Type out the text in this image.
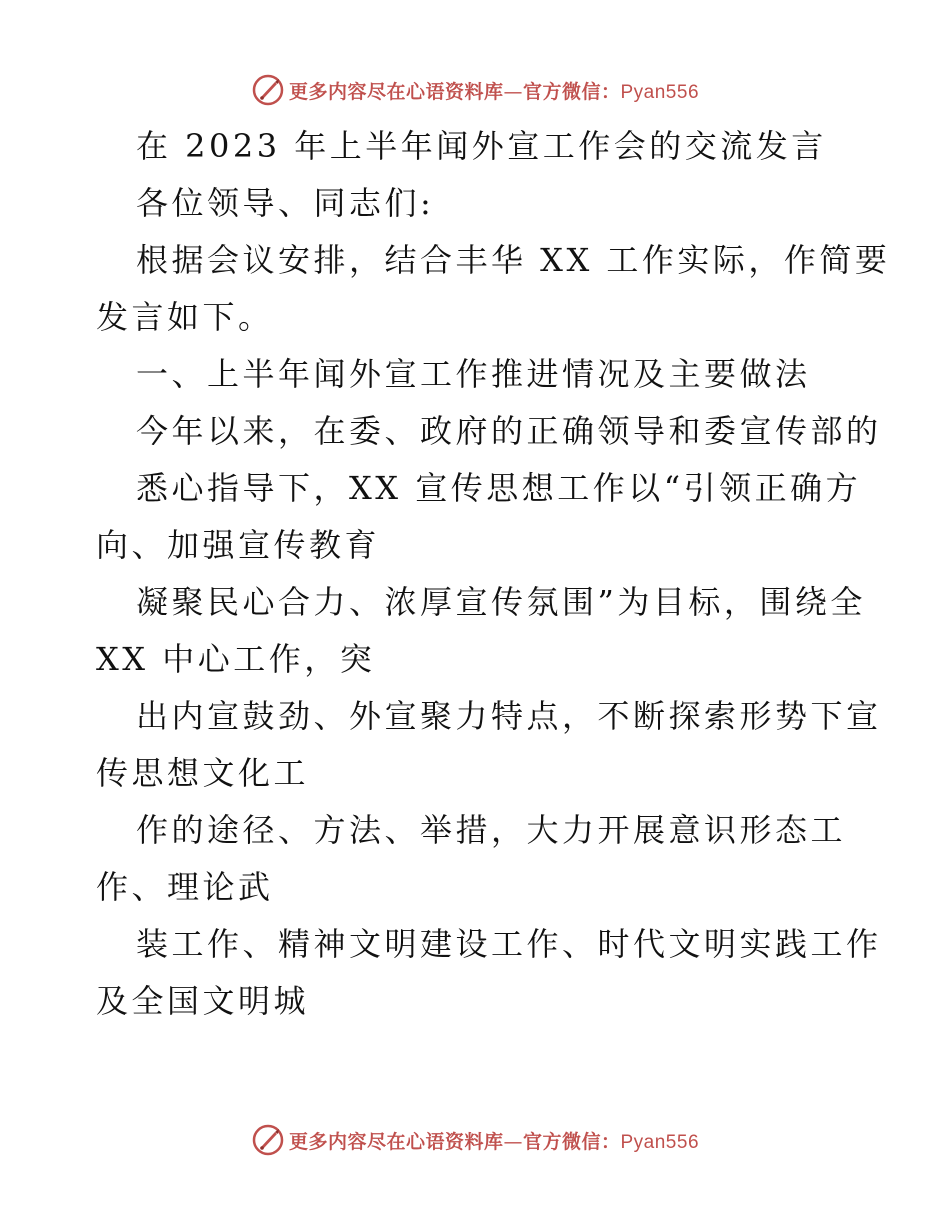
更多内容尽在心语资料库—官方微信：Pyan556
在 2023 年上半年闻外宣工作会的交流发言
各位领导、同志们:
根据会议安排，结合丰华 XX 工作实际，作简要
发言如下。
一、上半年闻外宣工作推进情况及主要做法
今年以来，在委、政府的正确领导和委宣传部的
悉心指导下，XX 宣传思想工作以“引领正确方
向、加强宣传教育
凝聚民心合力、浓厚宣传氛围”为目标，围绕全
XX 中心工作，突
出内宣鼓劲、外宣聚力特点，不断探索形势下宣
传思想文化工
作的途径、方法、举措，大力开展意识形态工
作、理论武
装工作、精神文明建设工作、时代文明实践工作
及全国文明城
更多内容尽在心语资料库—官方微信：Pyan556
